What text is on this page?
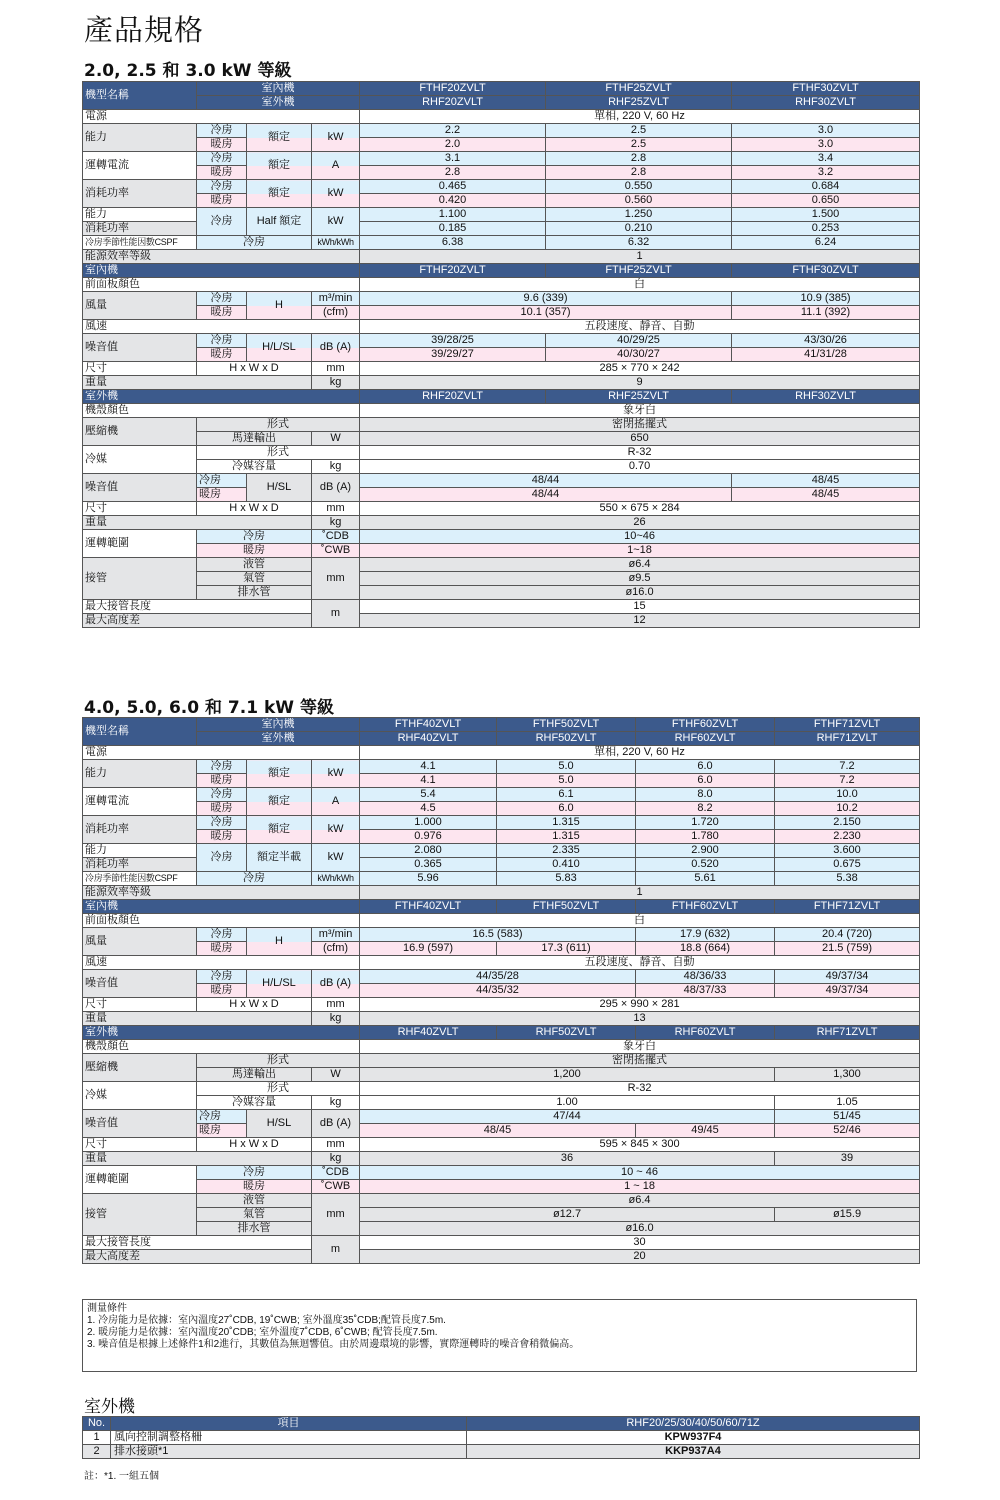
產品規格
2.0, 2.5 和 3.0 kW 等級
機型名稱	室內機			FTHF20ZVLT	FTHF25ZVLT	FTHF30ZVLT
	室外機			RHF20ZVLT	RHF25ZVLT	RHF30ZVLT
電源				單相, 220 V, 60 Hz		
能力	冷房	額定	kW	2.2	2.5	3.0
	暖房			2.0	2.5	3.0
運轉電流	冷房	額定	A	3.1	2.8	3.4
	暖房			2.8	2.8	3.2
消耗功率	冷房	額定	kW	0.465	0.550	0.684
	暖房			0.420	0.560	0.650
能力	冷房	Half 額定	kW	1.100	1.250	1.500
消耗功率				0.185	0.210	0.253
冷房季節性能因數CSPF	冷房		kWh/kWh	6.38	6.32	6.24
能源效率等級				1		
室內機				FTHF20ZVLT	FTHF25ZVLT	FTHF30ZVLT
前面板顏色				白		
風量	冷房	H	m³/min	9.6 (339)		10.9 (385)
	暖房		(cfm)	10.1 (357)		11.1 (392)
風速				五段速度、靜音、自動		
噪音值	冷房	H/L/SL	dB (A)	39/28/25	40/29/25	43/30/26
	暖房			39/29/27	40/30/27	41/31/28
尺寸	H x W x D		mm	285 × 770 × 242		
重量			kg	9		
室外機				RHF20ZVLT	RHF25ZVLT	RHF30ZVLT
機殼顏色				象牙白		
壓縮機	形式			密閉搖擺式		
	馬達輸出		W	650		
冷媒	形式			R-32		
	冷媒容量		kg	0.70		
噪音值	冷房	H/SL	dB (A)	48/44		48/45
	暖房			48/44		48/45
尺寸	H x W x D		mm	550 × 675 × 284		
重量			kg	26		
運轉範圍	冷房		˚CDB	10~46		
	暖房		˚CWB	1~18		
接管	液管		mm	ø6.4		
	氣管			ø9.5		
	排水管			ø16.0		
最大接管長度			m	15		
最大高度差				12		
4.0, 5.0, 6.0 和 7.1 kW 等級
機型名稱	室內機			FTHF40ZVLT	FTHF50ZVLT	FTHF60ZVLT	FTHF71ZVLT
	室外機			RHF40ZVLT	RHF50ZVLT	RHF60ZVLT	RHF71ZVLT
電源				單相, 220 V, 60 Hz			
能力	冷房	額定	kW	4.1	5.0	6.0	7.2
	暖房			4.1	5.0	6.0	7.2
運轉電流	冷房	額定	A	5.4	6.1	8.0	10.0
	暖房			4.5	6.0	8.2	10.2
消耗功率	冷房	額定	kW	1.000	1.315	1.720	2.150
	暖房			0.976	1.315	1.780	2.230
能力	冷房	額定半載	kW	2.080	2.335	2.900	3.600
消耗功率				0.365	0.410	0.520	0.675
冷房季節性能因數CSPF	冷房		kWh/kWh	5.96	5.83	5.61	5.38
能源效率等級				1			
室內機				FTHF40ZVLT	FTHF50ZVLT	FTHF60ZVLT	FTHF71ZVLT
前面板顏色				白			
風量	冷房	H	m³/min	16.5 (583)		17.9 (632)	20.4 (720)
	暖房		(cfm)	16.9 (597)	17.3 (611)	18.8 (664)	21.5 (759)
風速				五段速度、靜音、自動			
噪音值	冷房	H/L/SL	dB (A)	44/35/28		48/36/33	49/37/34
	暖房			44/35/32		48/37/33	49/37/34
尺寸	H x W x D		mm	295 × 990 × 281			
重量			kg	13			
室外機				RHF40ZVLT	RHF50ZVLT	RHF60ZVLT	RHF71ZVLT
機殼顏色				象牙白			
壓縮機	形式			密閉搖擺式			
	馬達輸出		W	1,200			1,300
冷媒	形式			R-32			
	冷媒容量		kg	1.00			1.05
噪音值	冷房	H/SL	dB (A)	47/44			51/45
	暖房			48/45		49/45	52/46
尺寸	H x W x D		mm	595 × 845 × 300			
重量			kg	36			39
運轉範圍	冷房		˚CDB	10 ~ 46			
	暖房		˚CWB	1 ~ 18			
接管	液管		mm	ø6.4			
	氣管			ø12.7			ø15.9
	排水管			ø16.0			
最大接管長度			m	30			
最大高度差				20			
測量條件
1. 冷房能力是依據：室內溫度27˚CDB, 19˚CWB; 室外溫度35˚CDB;配管長度7.5m.
2. 暖房能力是依據：室內溫度20˚CDB; 室外溫度7˚CDB, 6˚CWB; 配管長度7.5m.
3. 噪音值是根據上述條件1和2進行，其數值為無迴響值。由於周邊環境的影響，實際運轉時的噪音會稍微偏高。
室外機
No.	項目	RHF20/25/30/40/50/60/71Z
1	風向控制調整格柵	KPW937F4
2	排水接頭*1	KKP937A4
註：*1. 一組五個
